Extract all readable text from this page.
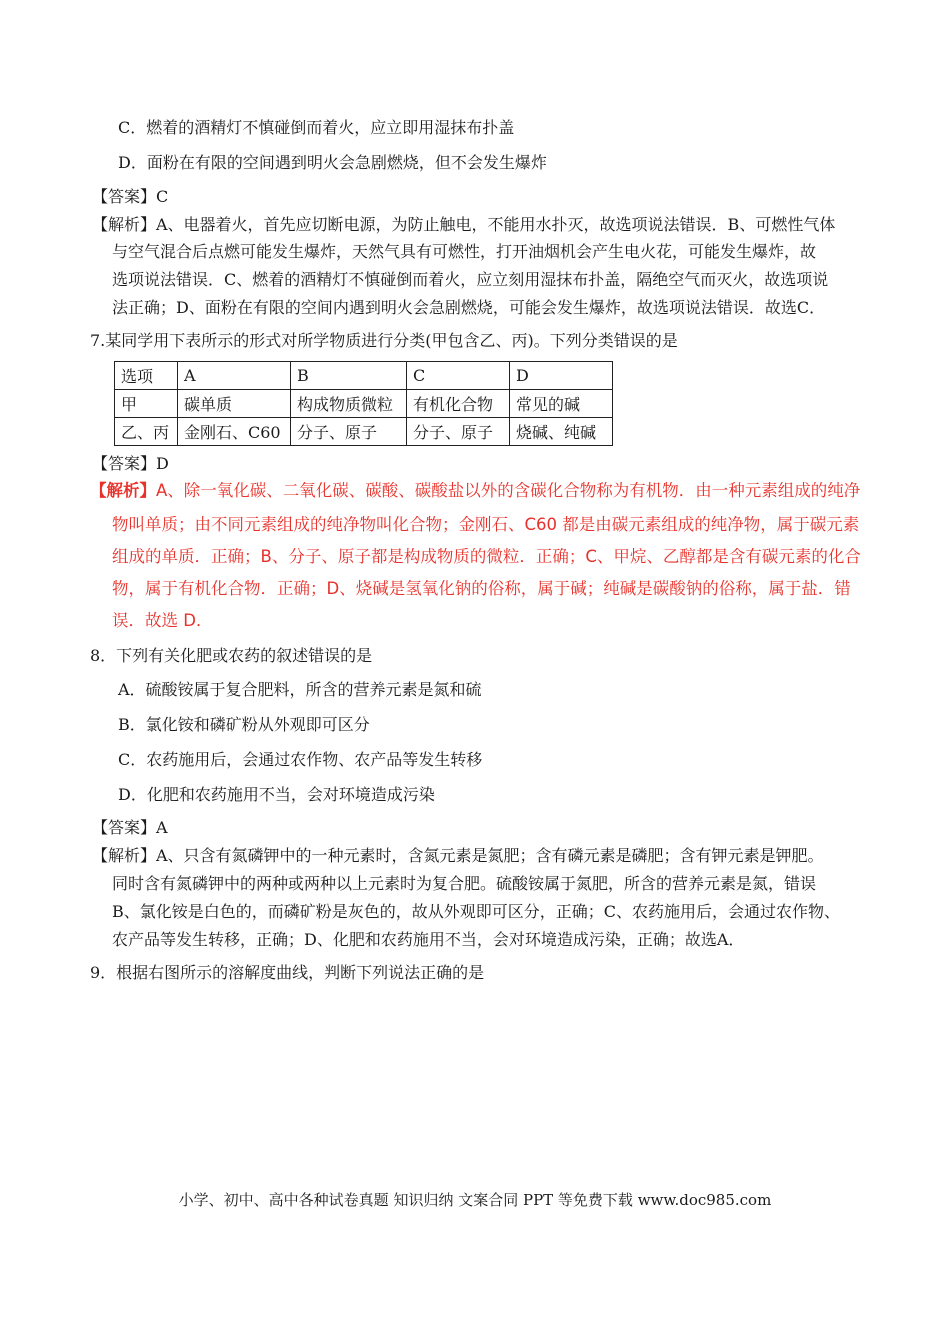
C．燃着的酒精灯不慎碰倒而着火，应立即用湿抹布扑盖
D．面粉在有限的空间遇到明火会急剧燃烧，但不会发生爆炸
【答案】C
【解析】A、电器着火，首先应切断电源，为防止触电，不能用水扑灭，故选项说法错误．B、可燃性气体
与空气混合后点燃可能发生爆炸，天然气具有可燃性，打开油烟机会产生电火花，可能发生爆炸，故
选项说法错误．C、燃着的酒精灯不慎碰倒而着火，应立刻用湿抹布扑盖，隔绝空气而灭火，故选项说
法正确；D、面粉在有限的空间内遇到明火会急剧燃烧，可能会发生爆炸，故选项说法错误．故选C．
7.某同学用下表所示的形式对所学物质进行分类(甲包含乙、丙)。下列分类错误的是
选项	A	B	C	D
甲	碳单质	构成物质微粒	有机化合物	常见的碱
乙、丙	金刚石、C60	分子、原子	分子、原子	烧碱、纯碱
【答案】D
【解析】A、除一氧化碳、二氧化碳、碳酸、碳酸盐以外的含碳化合物称为有机物．由一种元素组成的纯净
物叫单质；由不同元素组成的纯净物叫化合物；金刚石、C60 都是由碳元素组成的纯净物，属于碳元素
组成的单质．正确；B、分子、原子都是构成物质的微粒．正确；C、甲烷、乙醇都是含有碳元素的化合
物，属于有机化合物．正确；D、烧碱是氢氧化钠的俗称，属于碱；纯碱是碳酸钠的俗称，属于盐．错
误．故选 D．
8．下列有关化肥或农药的叙述错误的是
A．硫酸铵属于复合肥料，所含的营养元素是氮和硫
B．氯化铵和磷矿粉从外观即可区分
C．农药施用后，会通过农作物、农产品等发生转移
D．化肥和农药施用不当，会对环境造成污染
【答案】A
【解析】A、只含有氮磷钾中的一种元素时，含氮元素是氮肥；含有磷元素是磷肥；含有钾元素是钾肥。
同时含有氮磷钾中的两种或两种以上元素时为复合肥。硫酸铵属于氮肥，所含的营养元素是氮，错误
B、氯化铵是白色的，而磷矿粉是灰色的，故从外观即可区分，正确；C、农药施用后，会通过农作物、
农产品等发生转移，正确；D、化肥和农药施用不当，会对环境造成污染，正确；故选A．
9．根据右图所示的溶解度曲线，判断下列说法正确的是
小学、初中、高中各种试卷真题 知识归纳 文案合同 PPT 等免费下载 www.doc985.com
